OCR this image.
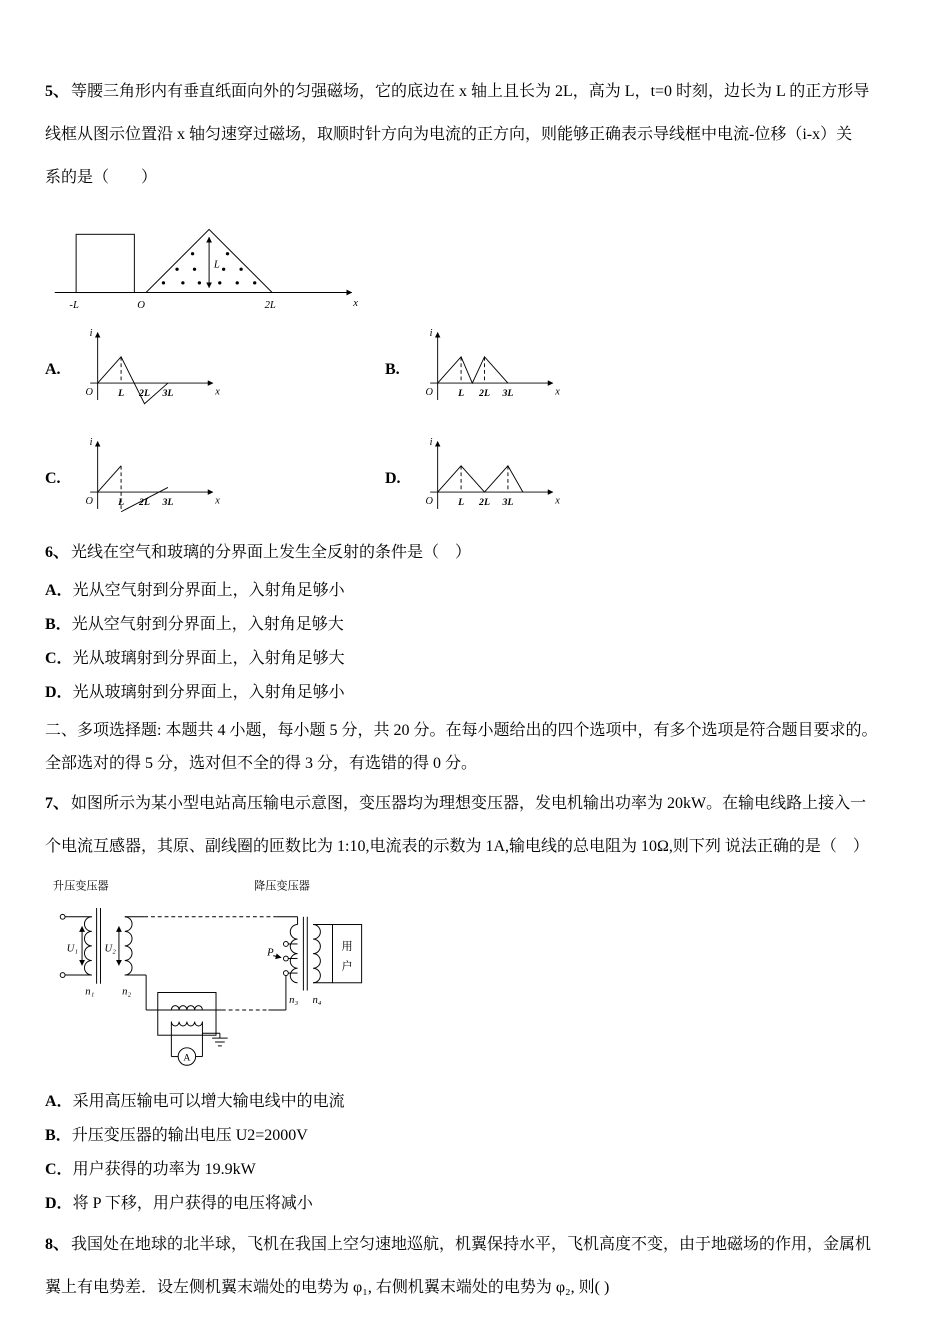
5、 等腰三角形内有垂直纸面向外的匀强磁场，它的底边在 x 轴上且长为 2L，高为 L，t=0 时刻，边长为 L 的正方形导

线框从图示位置沿 x 轴匀速穿过磁场，取顺时针方向为电流的正方向，则能够正确表示导线框中电流-位移（i-x）关

系的是（　　）

L
-L	O	2L	x
A.
i
O L 2L 3L	x
B.
i
O L 2L 3L	x
C.
i
O L 2L 3L	x
D.
i
O L 2L 3L	x

6、 光线在空气和玻璃的分界面上发生全反射的条件是（　）

A．光从空气射到分界面上，入射角足够小

B．光从空气射到分界面上，入射角足够大

C．光从玻璃射到分界面上，入射角足够大

D．光从玻璃射到分界面上，入射角足够小

二、多项选择题: 本题共 4 小题，每小题 5 分，共 20 分。在每小题给出的四个选项中，有多个选项是符合题目要求的。

全部选对的得 5 分，选对但不全的得 3 分，有选错的得 0 分。

7、 如图所示为某小型电站高压输电示意图，变压器均为理想变压器，发电机输出功率为 20kW。在输电线路上接入一

个电流互感器，其原、副线圈的匝数比为 1:10,电流表的示数为 1A,输电线的总电阻为 10Ω,则下列 说法正确的是（　）

升压变压器	降压变压器
U₁ U₂
n₁	n₂
A
P
n₃ n₄
用
户

A．采用高压输电可以增大输电线中的电流

B．升压变压器的输出电压 U2=2000V

C．用户获得的功率为 19.9kW

D．将 P 下移，用户获得的电压将减小

8、 我国处在地球的北半球，飞机在我国上空匀速地巡航，机翼保持水平，飞机高度不变，由于地磁场的作用，金属机

翼上有电势差．设左侧机翼末端处的电势为 φ₁, 右侧机翼末端处的电势为 φ₂, 则( )
